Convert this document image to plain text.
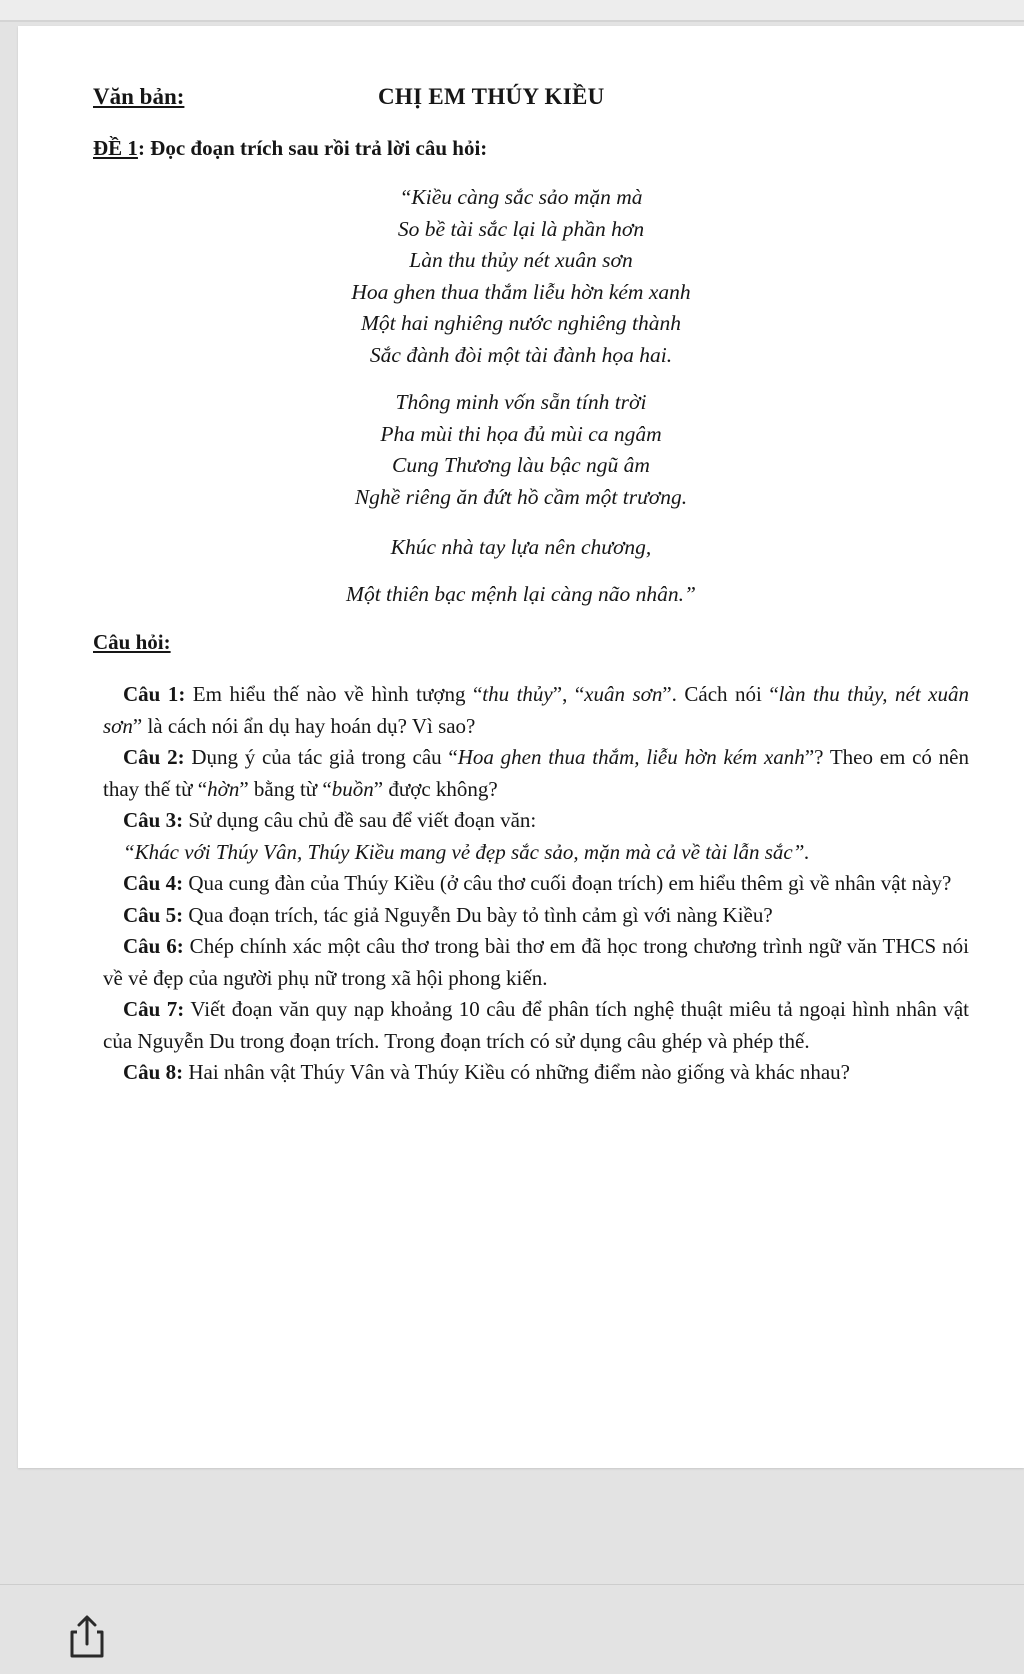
Văn bản:	CHỊ EM THÚY KIỀU
ĐỀ 1: Đọc đoạn trích sau rồi trả lời câu hỏi:
“Kiều càng sắc sảo mặn mà
So bề tài sắc lại là phần hơn
Làn thu thủy nét xuân sơn
Hoa ghen thua thắm liễu hờn kém xanh
Một hai nghiêng nước nghiêng thành
Sắc đành đòi một tài đành họa hai.
Thông minh vốn sẵn tính trời
Pha mùi thi họa đủ mùi ca ngâm
Cung Thương làu bậc ngũ âm
Nghề riêng ăn đứt hồ cầm một trương.
Khúc nhà tay lựa nên chương,
Một thiên bạc mệnh lại càng não nhân.”
Câu hỏi:
Câu 1: Em hiểu thế nào về hình tượng “thu thủy”, “xuân sơn”. Cách nói “làn thu thủy, nét xuân sơn” là cách nói ẩn dụ hay hoán dụ? Vì sao?
Câu 2: Dụng ý của tác giả trong câu “Hoa ghen thua thắm, liễu hờn kém xanh”? Theo em có nên thay thế từ “hờn” bằng từ “buồn” được không?
Câu 3: Sử dụng câu chủ đề sau để viết đoạn văn:
“Khác với Thúy Vân, Thúy Kiều mang vẻ đẹp sắc sảo, mặn mà cả về tài lẫn sắc”.
Câu 4: Qua cung đàn của Thúy Kiều (ở câu thơ cuối đoạn trích) em hiểu thêm gì về nhân vật này?
Câu 5: Qua đoạn trích, tác giả Nguyễn Du bày tỏ tình cảm gì với nàng Kiều?
Câu 6: Chép chính xác một câu thơ trong bài thơ em đã học trong chương trình ngữ văn THCS nói về vẻ đẹp của người phụ nữ trong xã hội phong kiến.
Câu 7: Viết đoạn văn quy nạp khoảng 10 câu để phân tích nghệ thuật miêu tả ngoại hình nhân vật của Nguyễn Du trong đoạn trích. Trong đoạn trích có sử dụng câu ghép và phép thế.
Câu 8: Hai nhân vật Thúy Vân và Thúy Kiều có những điểm nào giống và khác nhau?
